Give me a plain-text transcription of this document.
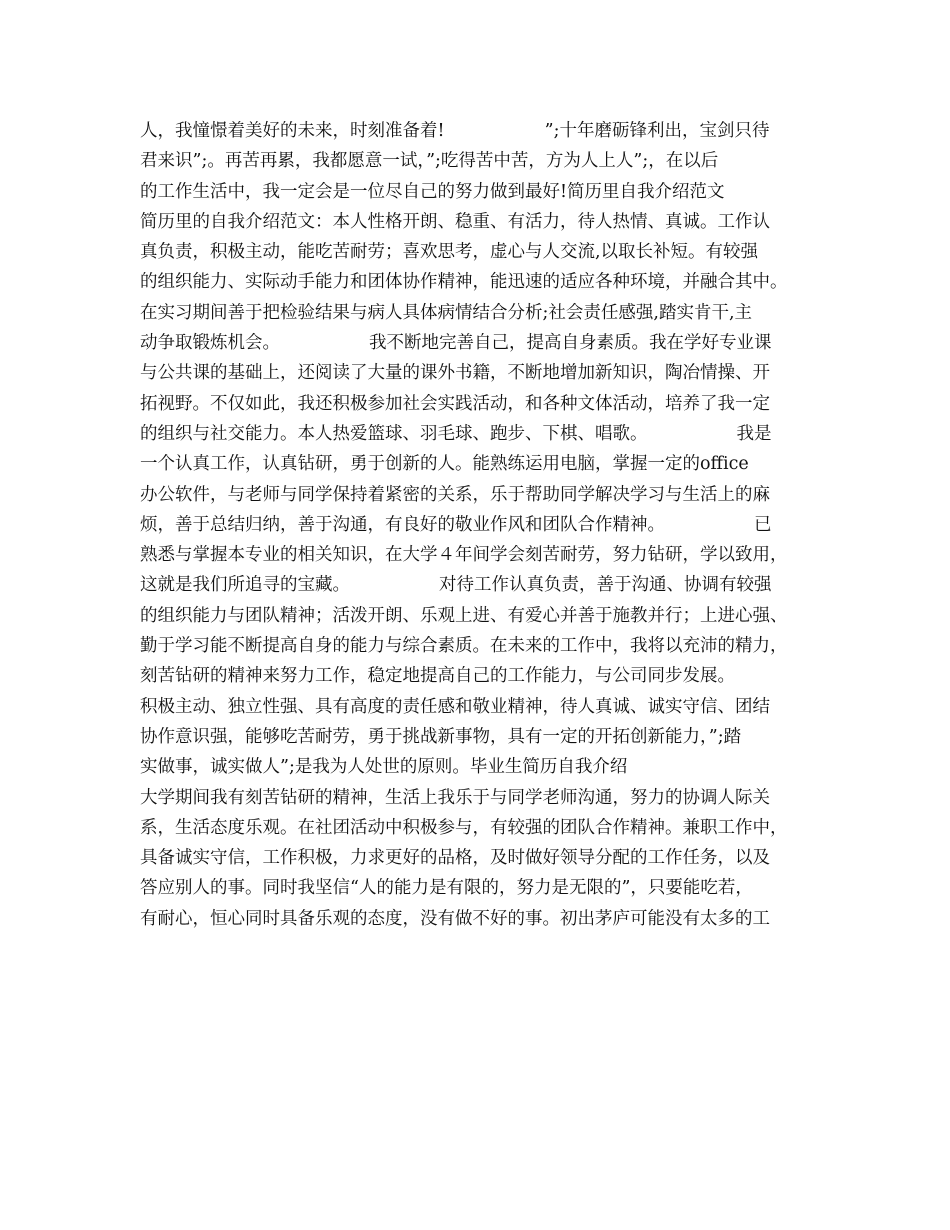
人，我憧憬着美好的未来，时刻准备着!                  ”;十年磨砺锋利出，宝剑只待
君来识”;。再苦再累，我都愿意一试，”;吃得苦中苦，方为人上人”;，在以后
的工作生活中，我一定会是一位尽自己的努力做到最好!简历里自我介绍范文
简历里的自我介绍范文：本人性格开朗、稳重、有活力，待人热情、真诚。工作认
真负责，积极主动，能吃苦耐劳；喜欢思考，虚心与人交流,以取长补短。有较强
的组织能力、实际动手能力和团体协作精神，能迅速的适应各种环境，并融合其中。
在实习期间善于把检验结果与病人具体病情结合分析;社会责任感强,踏实肯干,主
动争取锻炼机会。                我不断地完善自己，提高自身素质。我在学好专业课
与公共课的基础上，还阅读了大量的课外书籍，不断地增加新知识，陶冶情操、开
拓视野。不仅如此，我还积极参加社会实践活动，和各种文体活动，培养了我一定
的组织与社交能力。本人热爱篮球、羽毛球、跑步、下棋、唱歌。                我是
一个认真工作，认真钻研，勇于创新的人。能熟练运用电脑，掌握一定的office
办公软件，与老师与同学保持着紧密的关系，乐于帮助同学解决学习与生活上的麻
烦，善于总结归纳，善于沟通，有良好的敬业作风和团队合作精神。                已
熟悉与掌握本专业的相关知识，在大学４年间学会刻苦耐劳，努力钻研，学以致用，
这就是我们所追寻的宝藏。                对待工作认真负责，善于沟通、协调有较强
的组织能力与团队精神；活泼开朗、乐观上进、有爱心并善于施教并行；上进心强、
勤于学习能不断提高自身的能力与综合素质。在未来的工作中，我将以充沛的精力，
刻苦钻研的精神来努力工作，稳定地提高自己的工作能力，与公司同步发展。
积极主动、独立性强、具有高度的责任感和敬业精神，待人真诚、诚实守信、团结
协作意识强，能够吃苦耐劳，勇于挑战新事物，具有一定的开拓创新能力，”;踏
实做事，诚实做人”;是我为人处世的原则。毕业生简历自我介绍
大学期间我有刻苦钻研的精神，生活上我乐于与同学老师沟通，努力的协调人际关
系，生活态度乐观。在社团活动中积极参与，有较强的团队合作精神。兼职工作中，
具备诚实守信，工作积极，力求更好的品格，及时做好领导分配的工作任务，以及
答应别人的事。同时我坚信“人的能力是有限的，努力是无限的”，只要能吃若，
有耐心，恒心同时具备乐观的态度，没有做不好的事。初出茅庐可能没有太多的工
